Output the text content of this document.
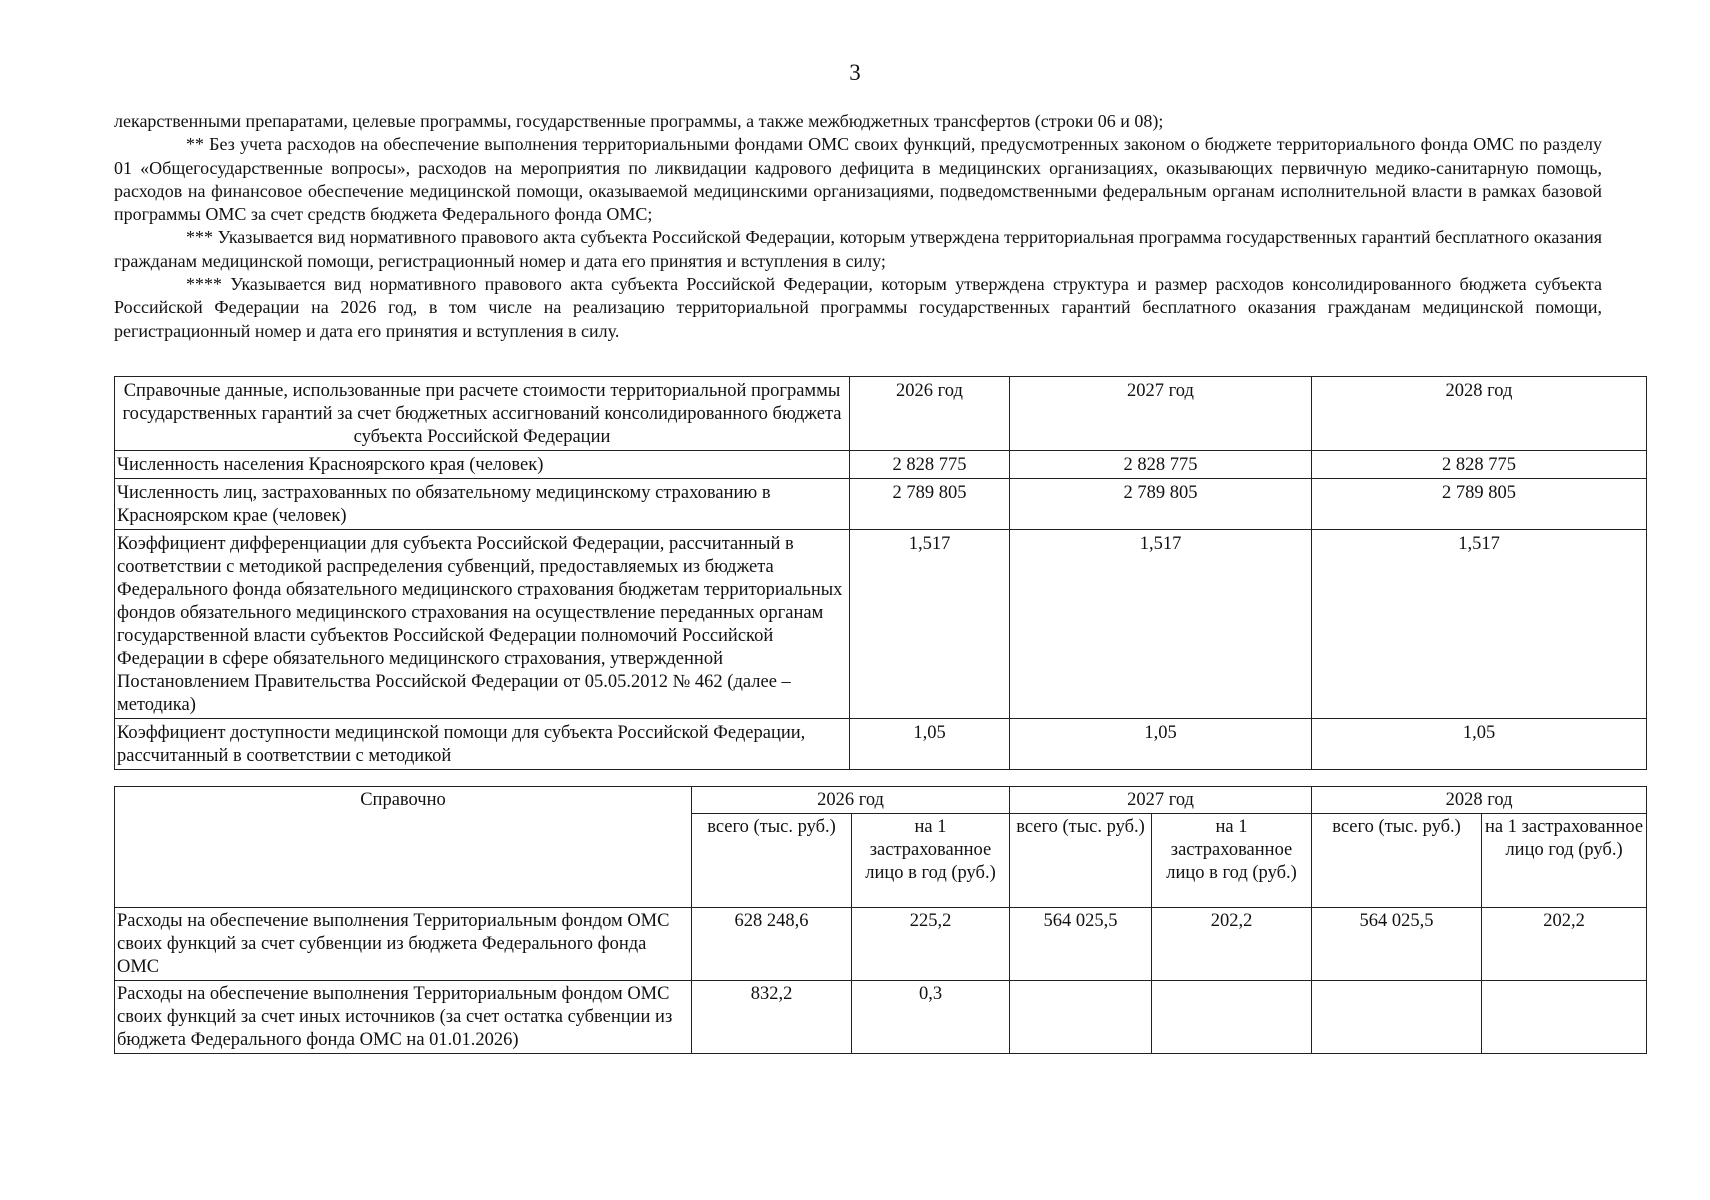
3

лекарственными препаратами, целевые программы, государственные программы, а также межбюджетных трансфертов (строки 06 и 08);

** Без учета расходов на обеспечение выполнения территориальными фондами ОМС своих функций, предусмотренных законом о бюджете территориального фонда ОМС по разделу 01 «Общегосударственные вопросы», расходов на мероприятия по ликвидации кадрового дефицита в медицинских организациях, оказывающих первичную медико-санитарную помощь, расходов на финансовое обеспечение медицинской помощи, оказываемой медицинскими организациями, подведомственными федеральным органам исполнительной власти в рамках базовой программы ОМС за счет средств бюджета Федерального фонда ОМС;

*** Указывается вид нормативного правового акта субъекта Российской Федерации, которым утверждена территориальная программа государственных гарантий бесплатного оказания гражданам медицинской помощи, регистрационный номер и дата его принятия и вступления в силу;

**** Указывается вид нормативного правового акта субъекта Российской Федерации, которым утверждена структура и размер расходов консолидированного бюджета субъекта Российской Федерации на 2026 год, в том числе на реализацию территориальной программы государственных гарантий бесплатного оказания гражданам медицинской помощи, регистрационный номер и дата его принятия и вступления в силу.

Справочные данные, использованные при расчете стоимости территориальной программы государственных гарантий за счет бюджетных ассигнований консолидированного бюджета субъекта Российской Федерации	2026 год	2027 год	2028 год
Численность населения Красноярского края (человек)	2 828 775	2 828 775	2 828 775
Численность лиц, застрахованных по обязательному медицинскому страхованию в Красноярском крае (человек)	2 789 805	2 789 805	2 789 805
Коэффициент дифференциации для субъекта Российской Федерации, рассчитанный в соответствии с методикой распределения субвенций, предоставляемых из бюджета Федерального фонда обязательного медицинского страхования бюджетам территориальных фондов обязательного медицинского страхования на осуществление переданных органам государственной власти субъектов Российской Федерации полномочий Российской Федерации в сфере обязательного медицинского страхования, утвержденной Постановлением Правительства Российской Федерации от 05.05.2012 № 462 (далее – методика)	1,517	1,517	1,517
Коэффициент доступности медицинской помощи для субъекта Российской Федерации, рассчитанный в соответствии с методикой	1,05	1,05	1,05
Справочно	2026 год		2027 год		2028 год	
	всего (тыс. руб.)	на 1 застрахованное лицо в год (руб.)	всего (тыс. руб.)	на 1 застрахованное лицо в год (руб.)	всего (тыс. руб.)	на 1 застрахованное лицо год (руб.)
Расходы на обеспечение выполнения Территориальным фондом ОМС своих функций за счет субвенции из бюджета Федерального фонда ОМС	628 248,6	225,2	564 025,5	202,2	564 025,5	202,2
Расходы на обеспечение выполнения Территориальным фондом ОМС своих функций за счет иных источников (за счет остатка субвенции из бюджета Федерального фонда ОМС на 01.01.2026)	832,2	0,3				
